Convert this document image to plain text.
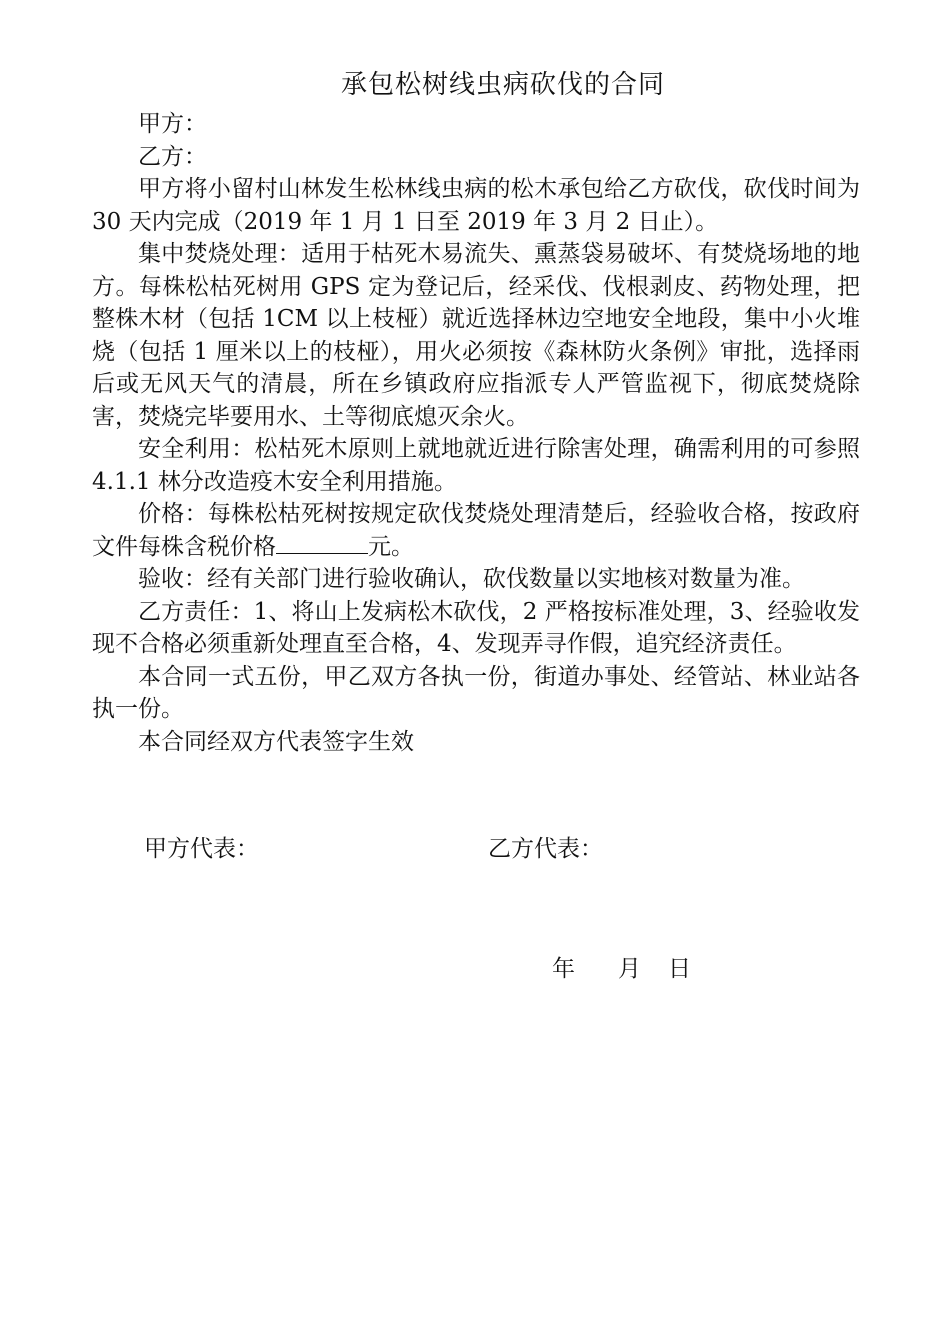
承包松树线虫病砍伐的合同

甲方：

乙方：

甲方将小留村山林发生松林线虫病的松木承包给乙方砍伐，砍伐时间为 30 天内完成（2019 年 1 月 1 日至 2019 年 3 月 2 日止）。

集中焚烧处理：适用于枯死木易流失、熏蒸袋易破坏、有焚烧场地的地方。每株松枯死树用 GPS 定为登记后，经采伐、伐根剥皮、药物处理，把整株木材（包括 1CM 以上枝桠）就近选择林边空地安全地段，集中小火堆烧（包括 1 厘米以上的枝桠），用火必须按《森林防火条例》审批，选择雨后或无风天气的清晨，所在乡镇政府应指派专人严管监视下，彻底焚烧除害，焚烧完毕要用水、土等彻底熄灭余火。

安全利用：松枯死木原则上就地就近进行除害处理，确需利用的可参照 4.1.1 林分改造疫木安全利用措施。

价格：每株松枯死树按规定砍伐焚烧处理清楚后，经验收合格，按政府文件每株含税价格	元。

验收：经有关部门进行验收确认，砍伐数量以实地核对数量为准。

乙方责任：1、将山上发病松木砍伐，2 严格按标准处理，3、经验收发现不合格必须重新处理直至合格，4、发现弄寻作假，追究经济责任。

本合同一式五份，甲乙双方各执一份，街道办事处、经管站、林业站各执一份。

本合同经双方代表签字生效

甲方代表：	乙方代表：
年 月 日
